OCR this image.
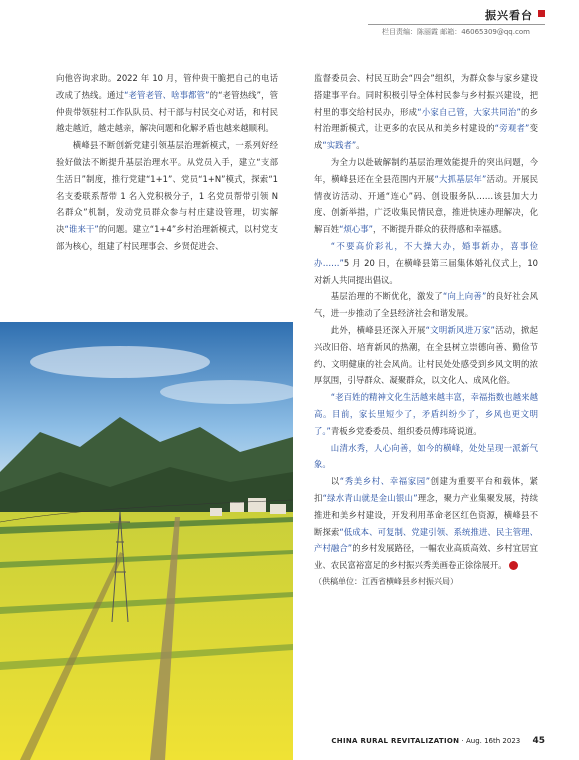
振兴看台
栏目责编：陈丽霞 邮箱：46065309@qq.com

向他咨询求助。2022 年 10 月，管仲贵干脆把自己的电话改成了热线。通过“老管老管、啥事都管”的“老管热线”，管仲贵带领驻村工作队队员、村干部与村民交心对话，和村民越走越近，越走越亲，解决问题和化解矛盾也越来越顺利。

横峰县不断创新党建引领基层治理新模式，一系列好经验好做法不断提升基层治理水平。从党员入手，建立“支部生活日”制度，推行党建“1+1”、党员“1+N”模式，探索“1 名支委联系帮带 1 名入党积极分子，1 名党员帮带引领 N 名群众”机制，发动党员群众参与村庄建设管理，切实解决“谁来干”的问题。建立“1+4”乡村治理新模式，以村党支部为核心，组建了村民理事会、乡贤促进会、

监督委员会、村民互助会“四会”组织，为群众参与家乡建设搭建事平台。同时积极引导全体村民参与乡村振兴建设，把村里的事交给村民办，形成“小家自己管，大家共同治”的乡村治理新模式，让更多的农民从和美乡村建设的“旁观者”变成“实践者”。

为全力以赴破解制约基层治理效能提升的突出问题，今年，横峰县还在全县范围内开展“大抓基层年”活动。开展民情夜访活动、开通“连心”码、创设服务队……该县加大力度、创新举措，广泛收集民情民意，推进快速办理解决，化解百姓“烦心事”，不断提升群众的获得感和幸福感。

“不要高价彩礼，不大操大办，婚事新办，喜事俭办……”5 月 20 日，在横峰县第三届集体婚礼仪式上，10 对新人共同提出倡议。

基层治理的不断优化，激发了“向上向善”的良好社会风气，进一步推动了全县经济社会和谐发展。

此外，横峰县还深入开展“文明新风进万家”活动，掀起兴改旧俗、培育新风的热潮，在全县树立崇德向善、勤俭节约、文明健康的社会风尚。让村民处处感受到乡风文明的浓厚氛围，引导群众、凝聚群众，以文化人、成风化俗。

“老百姓的精神文化生活越来越丰富，幸福指数也越来越高。目前，家长里短少了，矛盾纠纷少了，乡风也更文明了。”青板乡党委委员、组织委员傅玮琦说道。

山清水秀，人心向善，如今的横峰，处处呈现一派新气象。

以“秀美乡村、幸福家园”创建为重要平台和载体，紧扣“绿水青山就是金山银山”理念，聚力产业集聚发展，持续推进和美乡村建设，开发利用革命老区红色资源，横峰县不断探索“低成本、可复制、党建引领、系统推进、民主管理、产村融合”的乡村发展路径，一幅农业高质高效、乡村宜居宜业、农民富裕富足的乡村振兴秀美画卷正徐徐展开。	乡

（供稿单位：江西省横峰县乡村振兴局）

CHINA RURAL REVITALIZATION · Aug. 16th 2023 45
